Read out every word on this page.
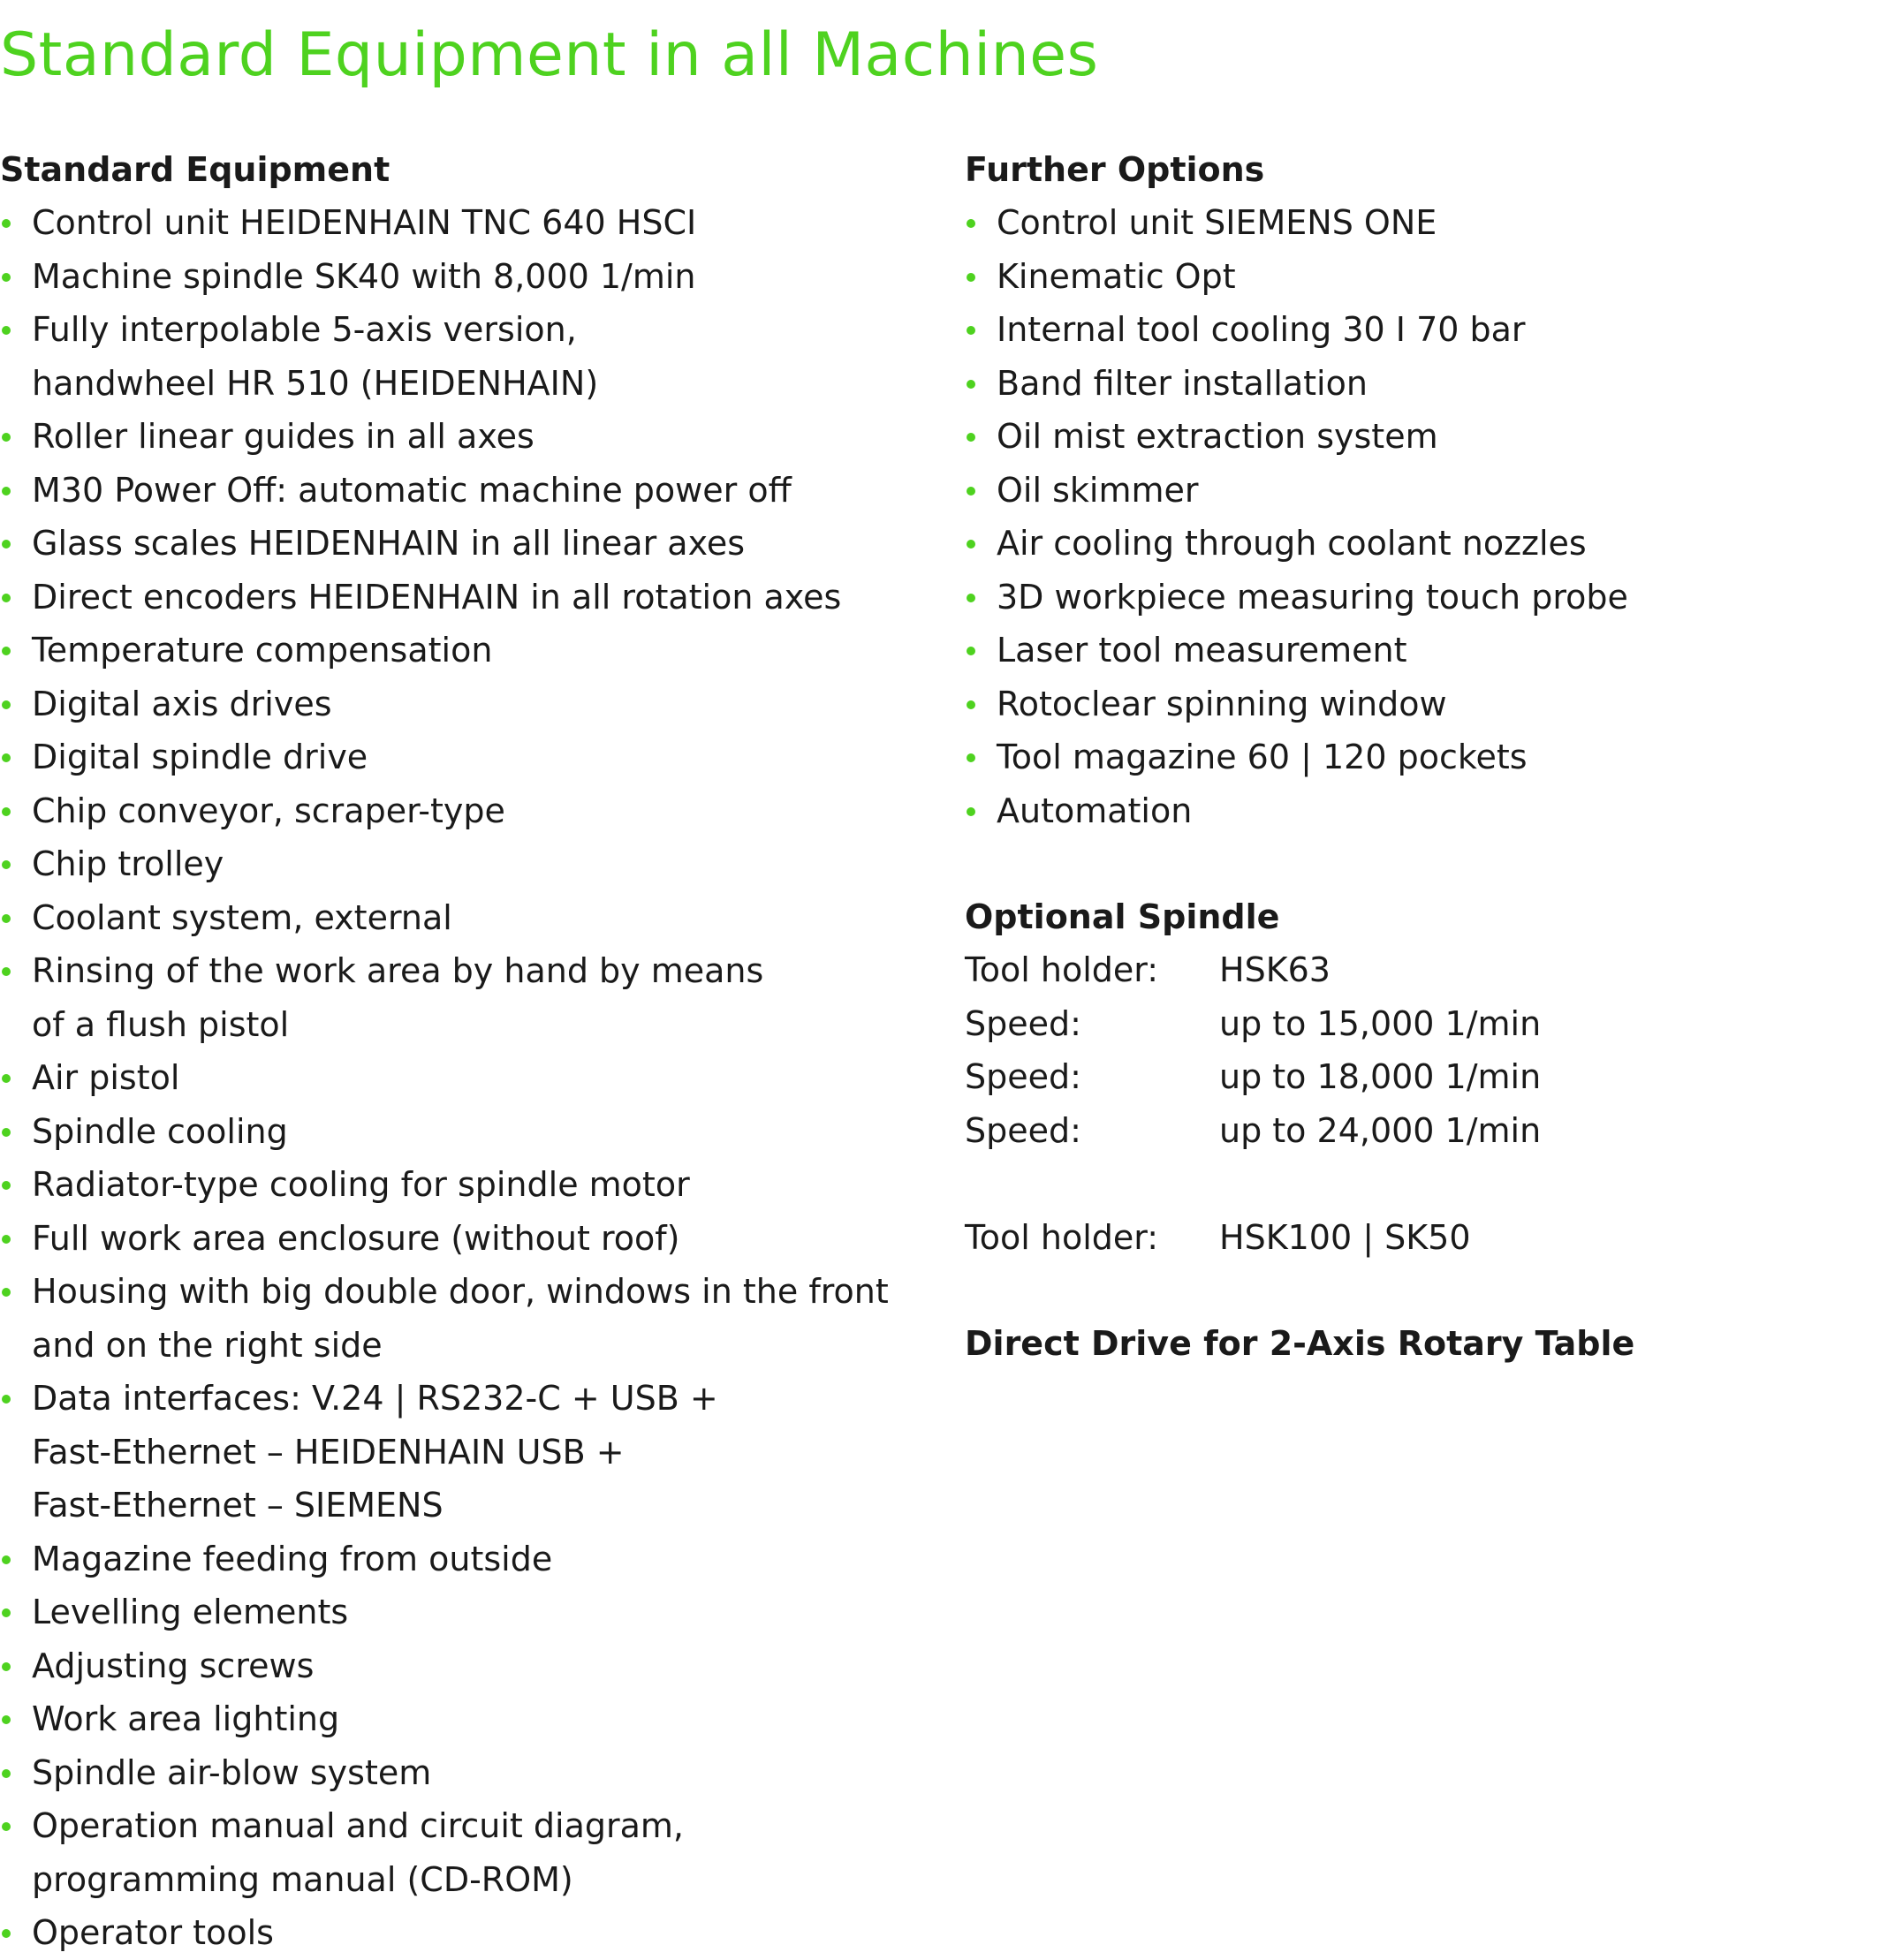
Standard Equipment in all Machines
Standard Equipment
Control unit HEIDENHAIN TNC 640 HSCI
Machine spindle SK40 with 8,000 1/min
Fully interpolable 5-axis version,
handwheel HR 510 (HEIDENHAIN)
Roller linear guides in all axes
M30 Power Off: automatic machine power off
Glass scales HEIDENHAIN in all linear axes
Direct encoders HEIDENHAIN in all rotation axes
Temperature compensation
Digital axis drives
Digital spindle drive
Chip conveyor, scraper-type
Chip trolley
Coolant system, external
Rinsing of the work area by hand by means
of a flush pistol
Air pistol
Spindle cooling
Radiator-type cooling for spindle motor
Full work area enclosure (without roof)
Housing with big double door, windows in the front
and on the right side
Data interfaces: V.24 | RS232-C + USB +
Fast-Ethernet – HEIDENHAIN USB +
Fast-Ethernet – SIEMENS
Magazine feeding from outside
Levelling elements
Adjusting screws
Work area lighting
Spindle air-blow system
Operation manual and circuit diagram,
programming manual (CD-ROM)
Operator tools
Further Options
Control unit SIEMENS ONE
Kinematic Opt
Internal tool cooling 30 I 70 bar
Band filter installation
Oil mist extraction system
Oil skimmer
Air cooling through coolant nozzles
3D workpiece measuring touch probe
Laser tool measurement
Rotoclear spinning window
Tool magazine 60 | 120 pockets
Automation
Optional Spindle
Tool holder:	HSK63
Speed:	up to 15,000 1/min
Speed:	up to 18,000 1/min
Speed:	up to 24,000 1/min
Tool holder:	HSK100 | SK50
Direct Drive for 2-Axis Rotary Table
